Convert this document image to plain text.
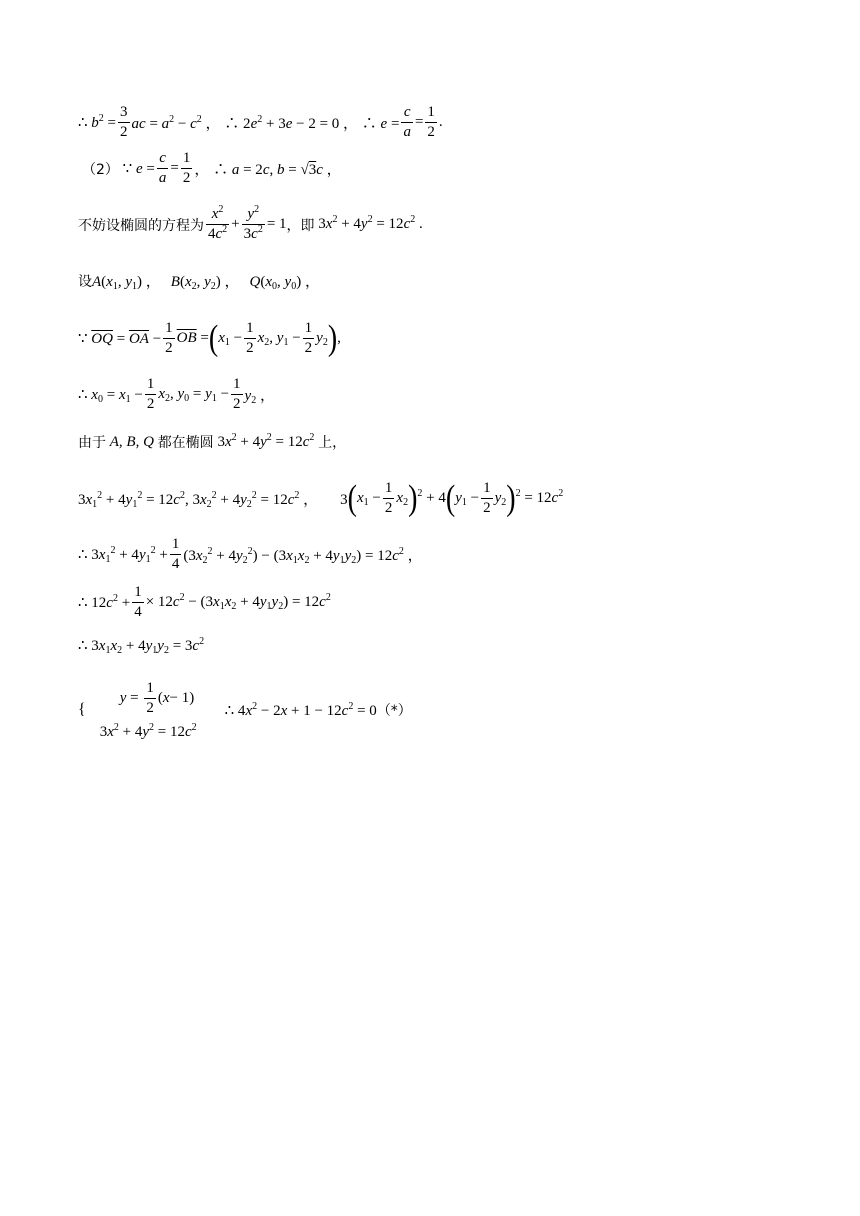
∴ $b^2 = \frac{3}{2}$ ac = $a^2 - c^2$ ， ∴ $2e^2 + 3e - 2 = 0$ ， ∴ $e = \frac{c}{a} = \frac{1}{2}$ .
（2） ∵ $e = \frac{c}{a} = \frac{1}{2}$ ， ∴ a = 2c, b = √3c ，
不妨设椭圆的方程为 $\frac{x^2}{4c^2} + \frac{y^2}{3c^2} = 1$ ，即 $3x^2 + 4y^2 = 12c^2$ .
设 $A(x_1$, $y_1$) ， $B(x_2$, $y_2$) ， $Q(x_0$, $y_0$) ，
∵ $\overline{OQ} = \overline{OA} - \frac{1}{2} \overline{OB}$ = ( $x_1 - \frac{1}{2} x_2$, $y_1 - \frac{1}{2} y_2$ ) ,
∴ $x_0 = x_1 - \frac{1}{2} x_2$, $y_0 = y_1 - \frac{1}{2} y_2$ ，
由于 A, B, Q 都在椭圆 $3x^2 + 4y^2 = 12c^2$ 上，
$3x_1^2 + 4y_1^2 = 12c^2$, $3x_2^2 + 4y_2^2 = 12c^2$ ， 3 ( $x_1 - \frac{1}{2} x_2$ ) $^2$ + 4 ( $y_1 - \frac{1}{2} y_2$ ) $^2 = 12c^2$
∴ $3x_1^2 + 4y_1^2 + \frac{1}{4} (3x_2^2 + 4y_2^2) - (3x_1x_2 + 4y_1y_2) = 12c^2$ ，
∴ $12c^2 + \frac{1}{4} \times 12c^2 - (3x_1x_2 + 4y_1y_2) = 12c^2$
∴ $3x_1x_2 + 4y_1y_2 = 3c^2$
{
$y = \frac{1}{2}$ ( x − 1)
$3x^2 + 4y^2 = 12c^2$
∴ $4x^2 - 2x + 1 - 12c^2 = 0$ （*）
